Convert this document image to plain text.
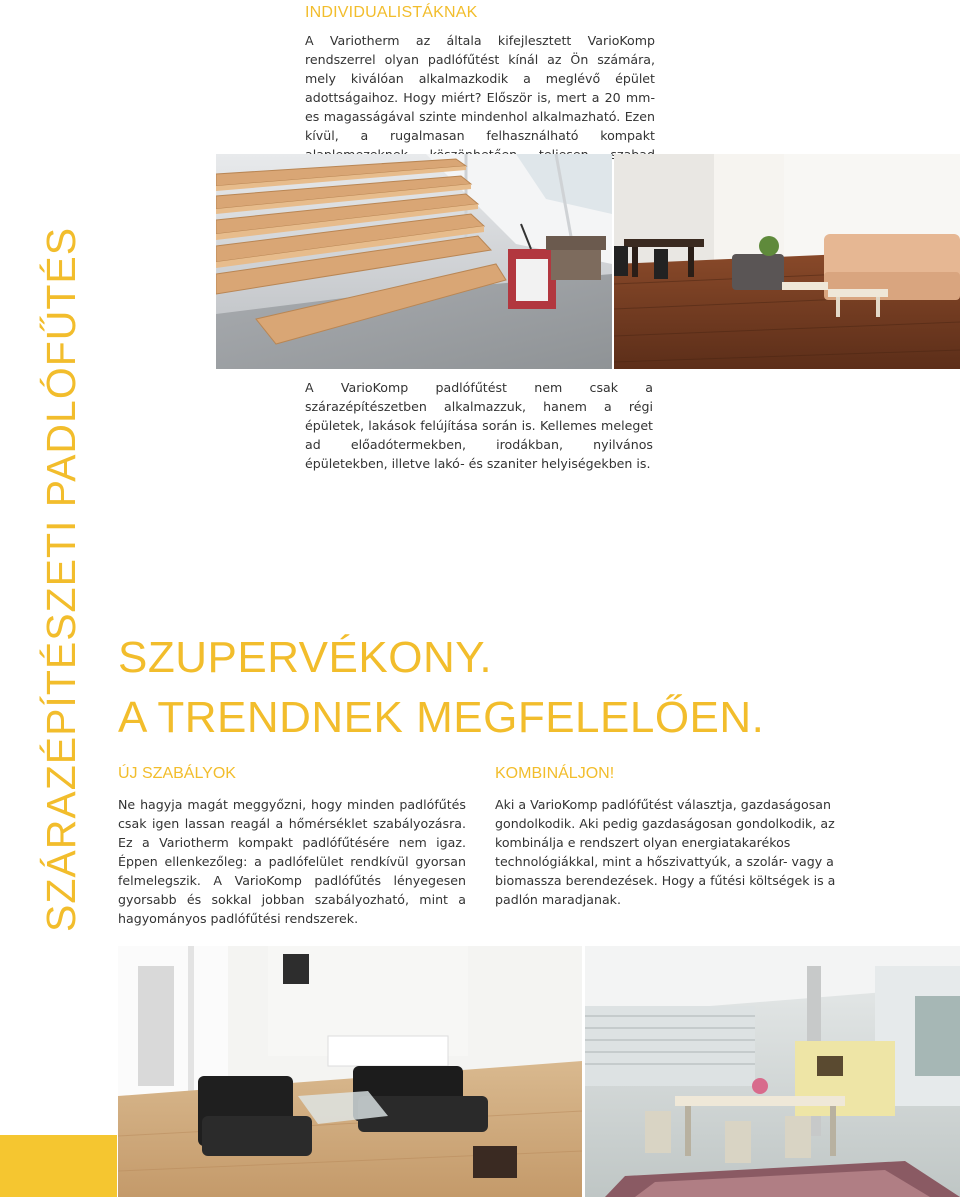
INDIVIDUALISTÁKNAK
A Variotherm az általa kifejlesztett VarioKomp rendszerrel olyan padlófűtést kínál az Ön számára, mely kiválóan alkalmazkodik a meglévő épület adottságaihoz. Hogy miért? Először is, mert a 20 mm-es magasságával szinte mindenhol alkalmazható. Ezen kívül, a rugalmasan felhasználható kompakt
A VarioKomp padlófűtést nem csak a szárazépítészetben alkalmazzuk, hanem a régi épületek, lakások felújítása során is. Kellemes meleget ad előadótermekben, irodákban, nyilvános épületekben, illetve lakó- és szaniter helyiségekben is.
SZÁRAZÉPÍTÉSZETI PADLÓFŰTÉS SZUPERVÉKONY.
A TRENDNEK MEGFELELŐEN.
ÚJ SZABÁLYOK
Ne hagyja magát meggyőzni, hogy minden padlófűtés csak igen lassan reagál a hőmérséklet szabályozásra. Ez a Variotherm kompakt padlófűtésére nem igaz. Éppen ellenkezőleg: a padlófelület rendkívül gyorsan felmelegszik. A VarioKomp padlófűtés lényegesen gyorsabb és sokkal jobban szabályozható, mint a hagyományos padlófűtési rendszerek.
KOMBINÁLJON!
Aki a VarioKomp padlófűtést választja, gazdaságosan gondolkodik. Aki pedig gazdaságosan gondolkodik, az kombinálja e rendszert olyan energiatakarékos technológiákkal, mint a hőszivattyúk, a szolár- vagy a biomassza berendezések. Hogy a fűtési költségek is a padlón maradjanak.
